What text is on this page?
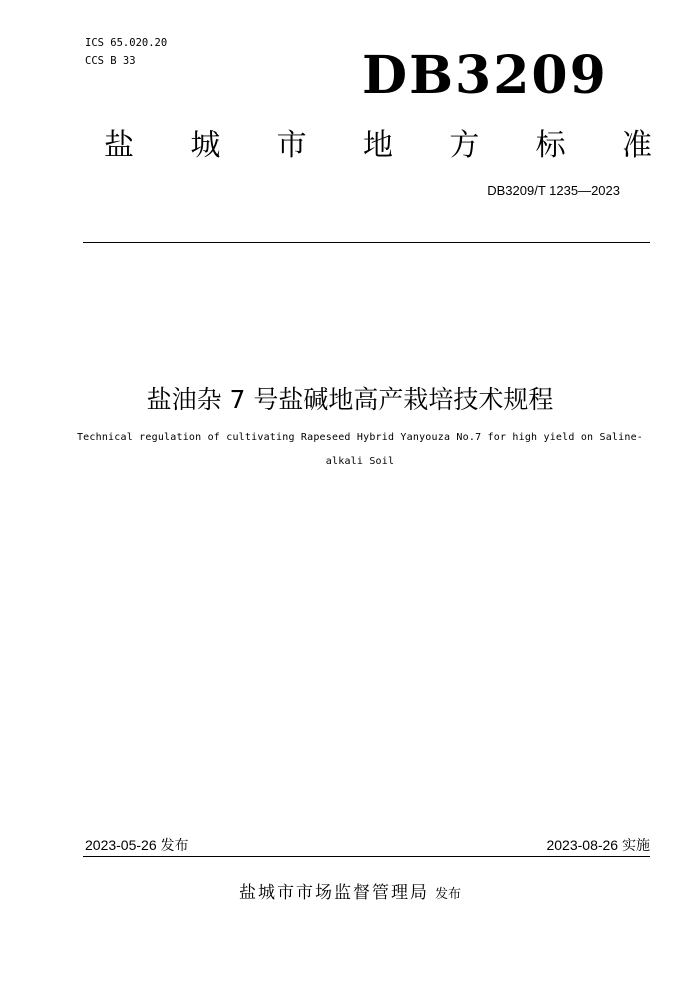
ICS 65.020.20
CCS B 33	DB3209
盐 城 市 地 方 标 准
DB3209/T 1235—2023
盐油杂 7 号盐碱地高产栽培技术规程
Technical regulation of cultivating Rapeseed Hybrid Yanyouza No.7 for high yield on Saline-alkali Soil
2023-05-26 发布	2023-08-26 实施
盐城市市场监督管理局 发布
